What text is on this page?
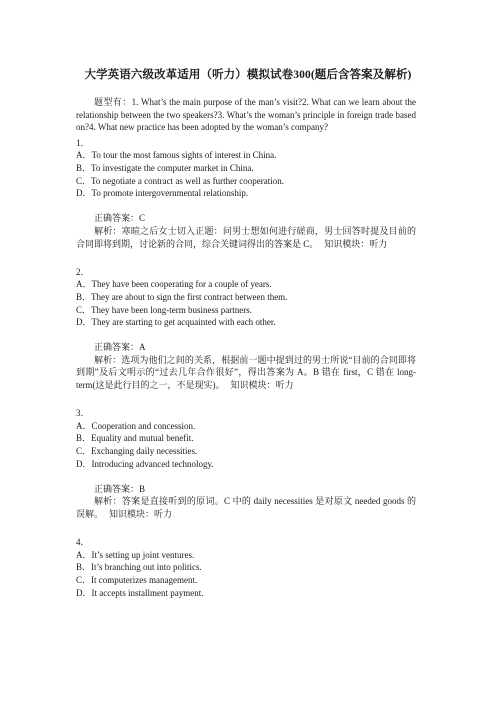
大学英语六级改革适用（听力）模拟试卷300(题后含答案及解析)

题型有：1. What’s the main purpose of the man’s visit?2. What can we learn about the relationship between the two speakers?3. What’s the woman’s principle in foreign trade based on?4. What new practice has been adopted by the woman’s company?

1．
A．To tour the most famous sights of interest in China.
B．To investigate the computer market in China.
C．To negotiate a contract as well as further cooperation.
D．To promote intergovernmental relationship.

正确答案：C

解析：寒暄之后女士切入正题：问男士想如何进行磋商，男士回答时提及目前的合同即将到期，讨论新的合同，综合关键词得出的答案是 C。 知识模块：听力

2．
A．They have been cooperating for a couple of years.
B．They are about to sign the first contract between them.
C．They have been long-term business partners.
D．They are starting to get acquainted with each other.

正确答案：A

解析：选项为他们之间的关系，根据前一题中提到过的男士所说“目前的合同即将到期”及后文明示的“过去几年合作很好”，得出答案为 A。B 错在 first，C 错在 long-term(这是此行目的之一，不是现实)。 知识模块：听力

3．
A．Cooperation and concession.
B．Equality and mutual benefit.
C．Exchanging daily necessities.
D．Introducing advanced technology.

正确答案：B

解析：答案是直接听到的原词。C 中的 daily necessities 是对原文 needed goods 的误解。 知识模块：听力

4．
A．It’s setting up joint ventures.
B．It’s branching out into politics.
C．It computerizes management.
D．It accepts installment payment.
